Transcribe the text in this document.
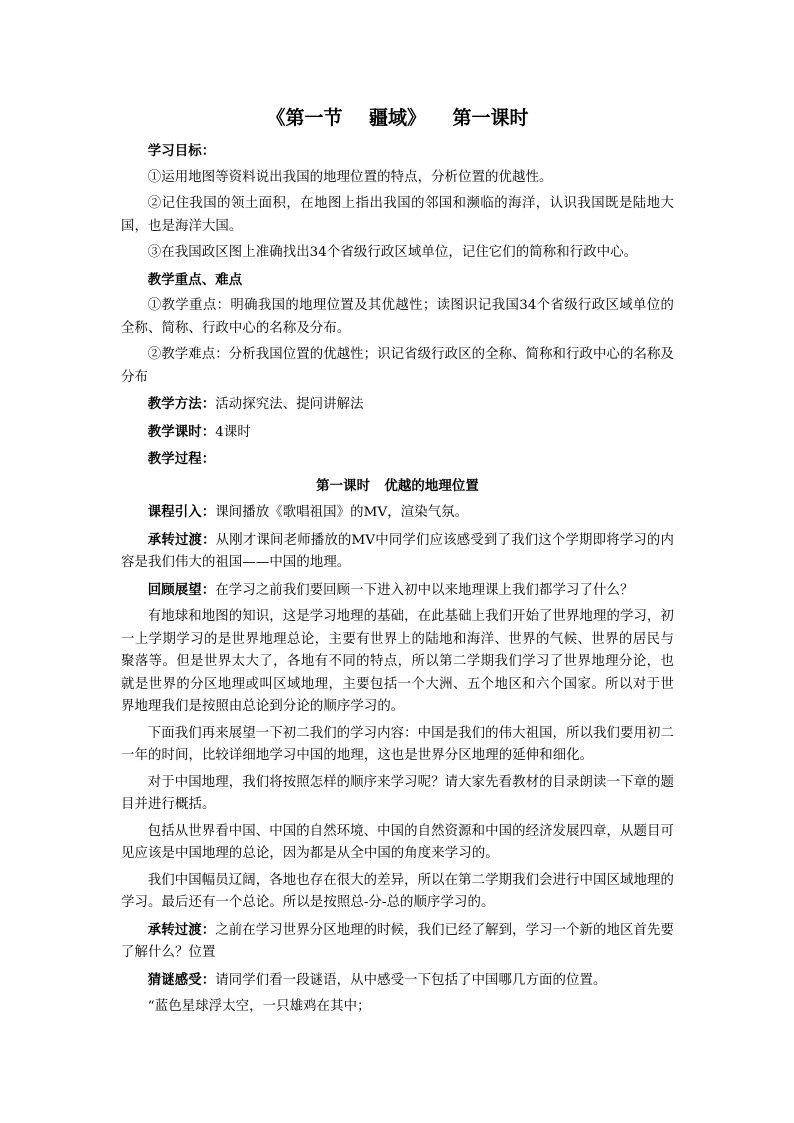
《第一节    疆域》    第一课时

学习目标：

①运用地图等资料说出我国的地理位置的特点，分析位置的优越性。

②记住我国的领土面积，在地图上指出我国的邻国和濒临的海洋，认识我国既是陆地大国，也是海洋大国。

③在我国政区图上准确找出34个省级行政区域单位，记住它们的简称和行政中心。

教学重点、难点

①教学重点：明确我国的地理位置及其优越性；读图识记我国34个省级行政区域单位的全称、简称、行政中心的名称及分布。

②教学难点：分析我国位置的优越性；识记省级行政区的全称、简称和行政中心的名称及分布

教学方法：活动探究法、提问讲解法

教学课时：4课时

教学过程：

第一课时   优越的地理位置

课程引入：课间播放《歌唱祖国》的MV，渲染气氛。

承转过渡：从刚才课间老师播放的MV中同学们应该感受到了我们这个学期即将学习的内容是我们伟大的祖国——中国的地理。

回顾展望：在学习之前我们要回顾一下进入初中以来地理课上我们都学习了什么？

有地球和地图的知识，这是学习地理的基础，在此基础上我们开始了世界地理的学习，初一上学期学习的是世界地理总论，主要有世界上的陆地和海洋、世界的气候、世界的居民与聚落等。但是世界太大了，各地有不同的特点，所以第二学期我们学习了世界地理分论，也就是世界的分区地理或叫区域地理，主要包括一个大洲、五个地区和六个国家。所以对于世界地理我们是按照由总论到分论的顺序学习的。

下面我们再来展望一下初二我们的学习内容：中国是我们的伟大祖国，所以我们要用初二一年的时间，比较详细地学习中国的地理，这也是世界分区地理的延伸和细化。

对于中国地理，我们将按照怎样的顺序来学习呢？请大家先看教材的目录朗读一下章的题目并进行概括。

包括从世界看中国、中国的自然环境、中国的自然资源和中国的经济发展四章，从题目可见应该是中国地理的总论，因为都是从全中国的角度来学习的。

我们中国幅员辽阔，各地也存在很大的差异，所以在第二学期我们会进行中国区域地理的学习。最后还有一个总论。所以是按照总-分-总的顺序学习的。

承转过渡：之前在学习世界分区地理的时候，我们已经了解到，学习一个新的地区首先要了解什么？位置

猜谜感受：请同学们看一段谜语，从中感受一下包括了中国哪几方面的位置。

“蓝色星球浮太空，一只雄鸡在其中；
